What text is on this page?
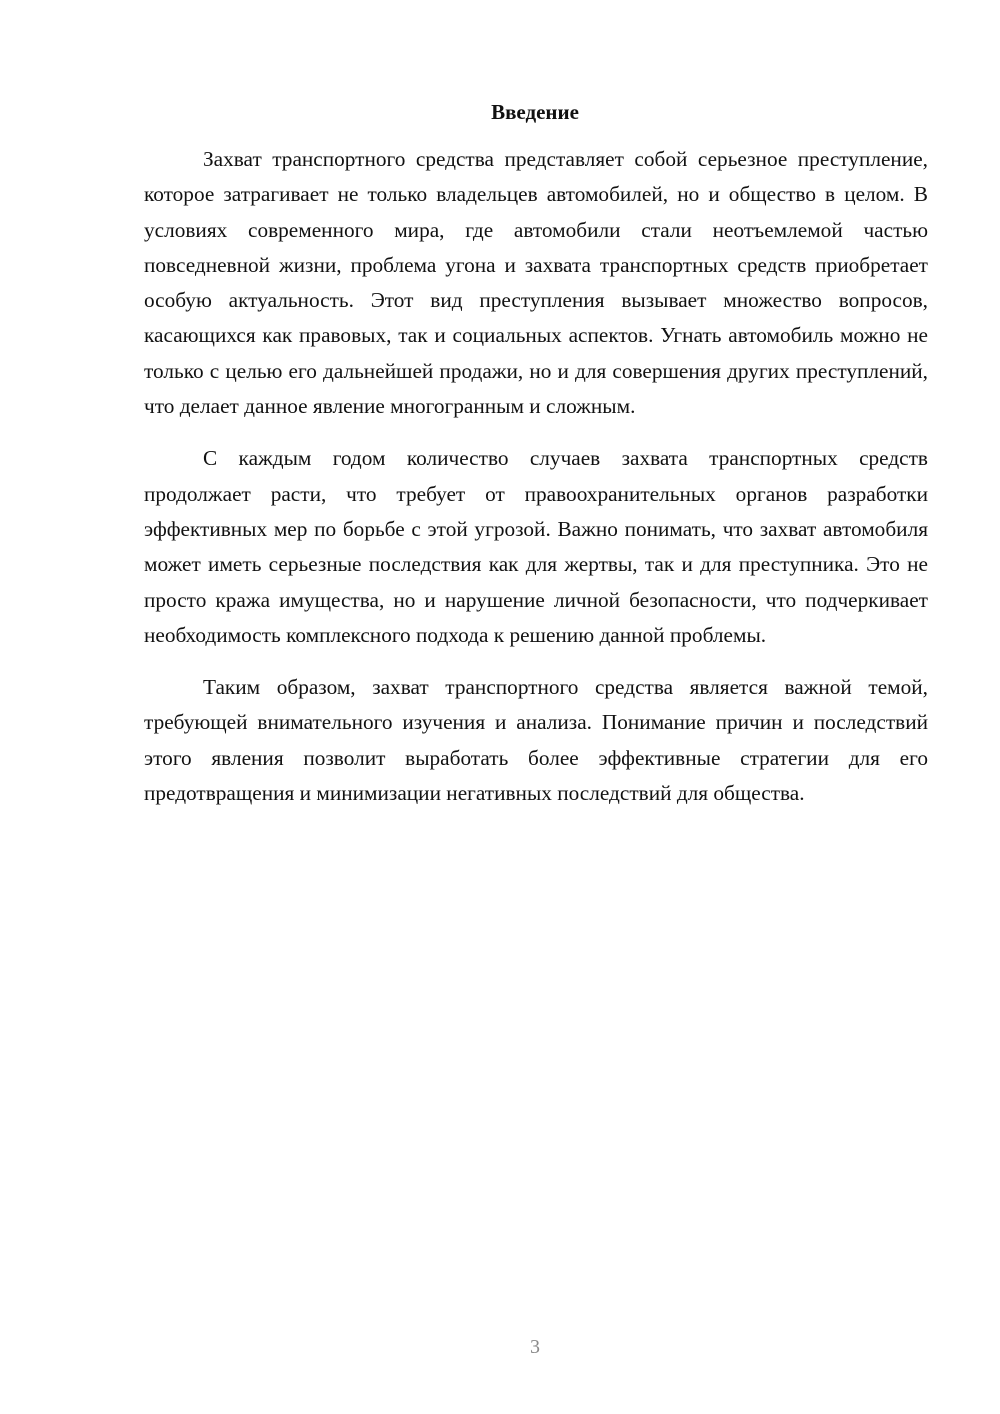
Введение

Захват транспортного средства представляет собой серьезное преступление, которое затрагивает не только владельцев автомобилей, но и общество в целом. В условиях современного мира, где автомобили стали неотъемлемой частью повседневной жизни, проблема угона и захвата транспортных средств приобретает особую актуальность. Этот вид преступления вызывает множество вопросов, касающихся как правовых, так и социальных аспектов. Угнать автомобиль можно не только с целью его дальнейшей продажи, но и для совершения других преступлений, что делает данное явление многогранным и сложным.

С каждым годом количество случаев захвата транспортных средств продолжает расти, что требует от правоохранительных органов разработки эффективных мер по борьбе с этой угрозой. Важно понимать, что захват автомобиля может иметь серьезные последствия как для жертвы, так и для преступника. Это не просто кража имущества, но и нарушение личной безопасности, что подчеркивает необходимость комплексного подхода к решению данной проблемы.

Таким образом, захват транспортного средства является важной темой, требующей внимательного изучения и анализа. Понимание причин и последствий этого явления позволит выработать более эффективные стратегии для его предотвращения и минимизации негативных последствий для общества.

3
